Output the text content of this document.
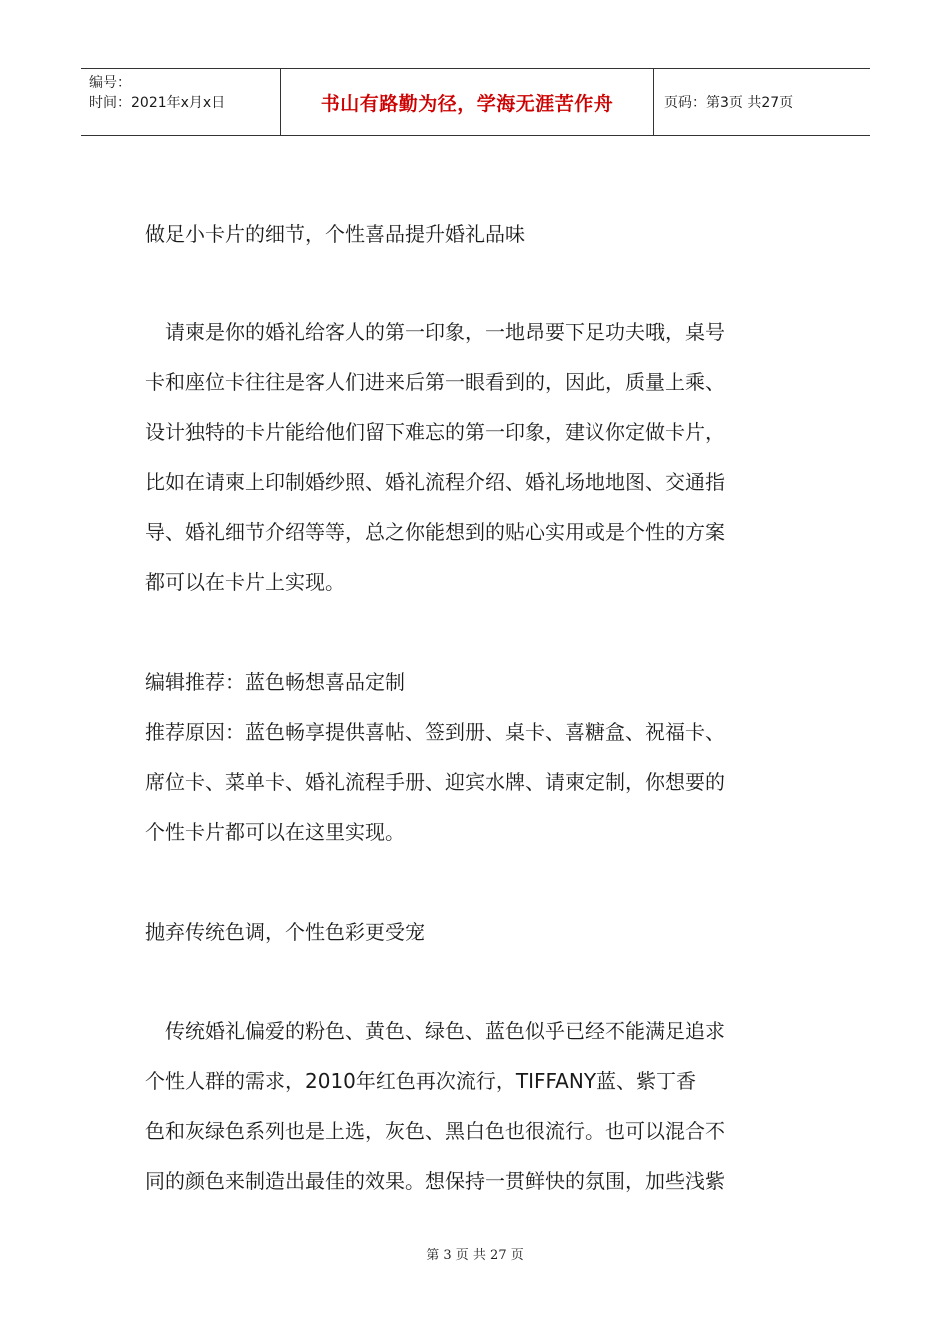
编号：
时间：2021年x月x日	书山有路勤为径，学海无涯苦作舟	页码：第3页 共27页
做足小卡片的细节，个性喜品提升婚礼品味
　请柬是你的婚礼给客人的第一印象，一地昂要下足功夫哦，桌号
卡和座位卡往往是客人们进来后第一眼看到的，因此，质量上乘、
设计独特的卡片能给他们留下难忘的第一印象，建议你定做卡片，
比如在请柬上印制婚纱照、婚礼流程介绍、婚礼场地地图、交通指
导、婚礼细节介绍等等，总之你能想到的贴心实用或是个性的方案
都可以在卡片上实现。
编辑推荐：蓝色畅想喜品定制
推荐原因：蓝色畅享提供喜帖、签到册、桌卡、喜糖盒、祝福卡、
席位卡、菜单卡、婚礼流程手册、迎宾水牌、请柬定制，你想要的
个性卡片都可以在这里实现。
抛弃传统色调，个性色彩更受宠
　传统婚礼偏爱的粉色、黄色、绿色、蓝色似乎已经不能满足追求
个性人群的需求，2010年红色再次流行，TIFFANY蓝、紫丁香
色和灰绿色系列也是上选，灰色、黑白色也很流行。也可以混合不
同的颜色来制造出最佳的效果。想保持一贯鲜快的氛围，加些浅紫
第 3 页 共 27 页
